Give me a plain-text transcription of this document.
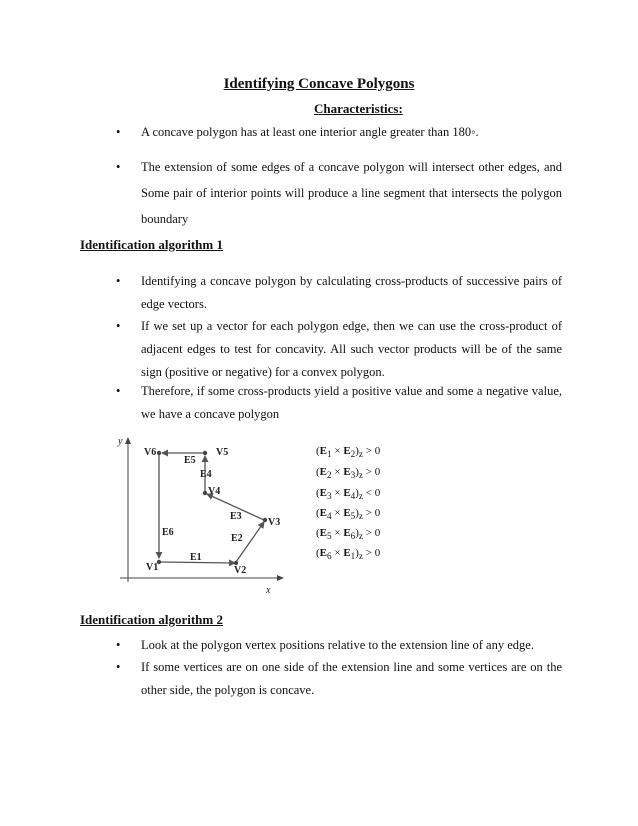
Identifying Concave Polygons
Characteristics:
• A concave polygon has at least one interior angle greater than 180◦.
• The extension of some edges of a concave polygon will intersect other edges, and
Some pair of interior points will produce a line segment that intersects the polygon
boundary
Identification algorithm 1
• Identifying a concave polygon by calculating cross-products of successive pairs of
edge vectors.
• If we set up a vector for each polygon edge, then we can use the cross-product of
adjacent edges to test for concavity. All such vector products will be of the same
sign (positive or negative) for a convex polygon.
• Therefore, if some cross-products yield a positive value and some a negative value,
we have a concave polygon
y
x
V1	V2
V3
V4
V5
V6
E1
E2
E3
E4
E5
E6
$(E_1 \times E_2)_z > 0$
$(E_2 \times E_3)_z > 0$
$(E_3 \times E_4)_z < 0$
$(E_4 \times E_5)_z > 0$
$(E_5 \times E_6)_z > 0$
$(E_6 \times E_1)_z > 0$
Identification algorithm 2
• Look at the polygon vertex positions relative to the extension line of any edge.
• If some vertices are on one side of the extension line and some vertices are on the
other side, the polygon is concave.
